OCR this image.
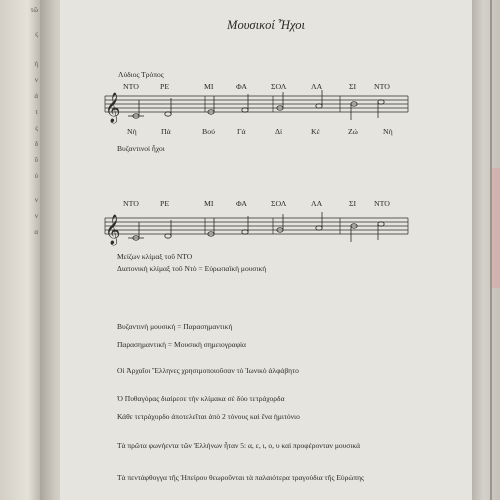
τῶ
ς
ή
ν
ά
τ
ς
δ
ῦ
ύ
ν
ν
α
Μουσικοί Ἦχοι
Λύδιος Τρόπος
ΝΤΟ	ΡΕ	ΜΙ	ΦΑ	ΣΟΛ	ΛΑ	ΣΙ ΝΤΟ
𝄞
𝄞
Νή	Πά	Βού	Γά	Δί	Κέ	Ζώ	Νή
Βυζαντινοί ἦχοι
ΝΤΟ	ΡΕ	ΜΙ	ΦΑ	ΣΟΛ	ΛΑ	ΣΙ ΝΤΟ
Μείζων κλίμαξ τοῦ ΝΤΟ
Διατονικὴ κλίμαξ τοῦ Ντὸ = Εὐρωπαϊκὴ μουσική
Βυζαντινὴ μουσικὴ = Παρασημαντική
Παρασημαντικὴ = Μουσικὴ σημειογραφία
Οἱ Ἀρχαῖοι Ἕλληνες χρησιμοποιοῦσαν τὸ Ἰωνικὸ ἀλφάβητο
Ὁ Πυθαγόρας διαίρεσε τὴν κλίμακα σὲ δύο τετράχορδα
Κάθε τετράχορδο ἀποτελεῖται ἀπὸ 2 τόνους καὶ ἕνα ἡμιτόνιο
Τὰ πρῶτα φωνήεντα τῶν Ἑλλήνων ἦταν 5: α, ε, ι, ο, υ καὶ προφέρονταν μουσικά
Τὰ πεντάφθογγα τῆς Ἠπείρου θεωροῦνται τὰ παλαιότερα τραγούδια τῆς Εὐρώπης
